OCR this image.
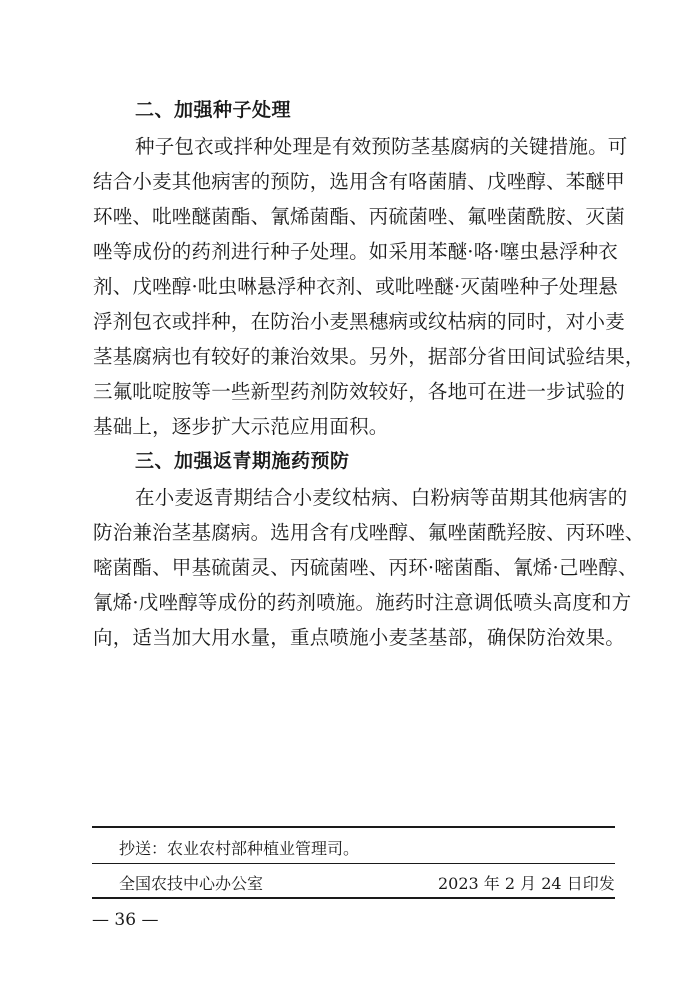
二、加强种子处理
种子包衣或拌种处理是有效预防茎基腐病的关键措施。可
结合小麦其他病害的预防，选用含有咯菌腈、戊唑醇、苯醚甲
环唑、吡唑醚菌酯、氰烯菌酯、丙硫菌唑、氟唑菌酰胺、灭菌
唑等成份的药剂进行种子处理。如采用苯醚·咯·噻虫悬浮种衣
剂、戊唑醇·吡虫啉悬浮种衣剂、或吡唑醚·灭菌唑种子处理悬
浮剂包衣或拌种，在防治小麦黑穗病或纹枯病的同时，对小麦
茎基腐病也有较好的兼治效果。另外，据部分省田间试验结果，
三氟吡啶胺等一些新型药剂防效较好，各地可在进一步试验的
基础上，逐步扩大示范应用面积。
三、加强返青期施药预防
在小麦返青期结合小麦纹枯病、白粉病等苗期其他病害的
防治兼治茎基腐病。选用含有戊唑醇、氟唑菌酰羟胺、丙环唑、
嘧菌酯、甲基硫菌灵、丙硫菌唑、丙环·嘧菌酯、氰烯·己唑醇、
氰烯·戊唑醇等成份的药剂喷施。施药时注意调低喷头高度和方
向，适当加大用水量，重点喷施小麦茎基部，确保防治效果。
抄送：农业农村部种植业管理司。
全国农技中心办公室	2023 年 2 月 24 日印发
— 36 —
